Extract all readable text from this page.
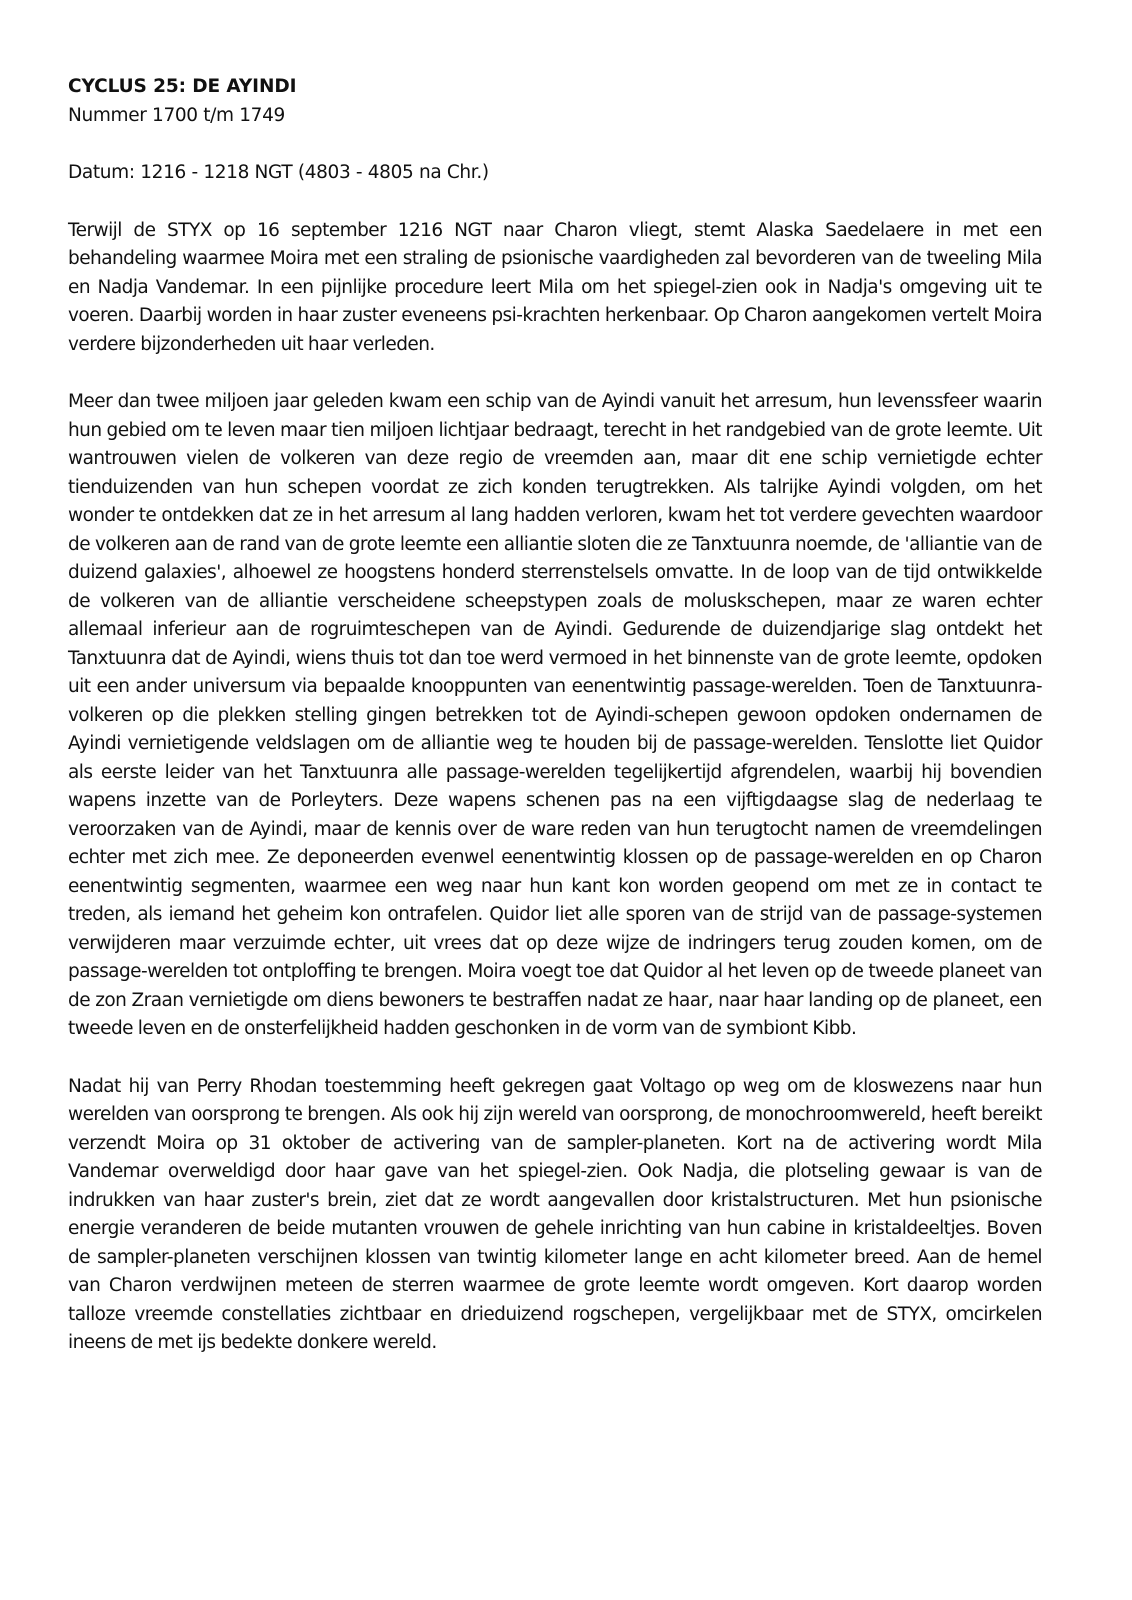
CYCLUS 25: DE AYINDI

Nummer 1700 t/m 1749

Datum: 1216 - 1218 NGT (4803 - 4805 na Chr.)

Terwijl de STYX op 16 september 1216 NGT naar Charon vliegt, stemt Alaska Saedelaere in met een behandeling waarmee Moira met een straling de psionische vaardigheden zal bevorderen van de tweeling Mila en Nadja Vandemar. In een pijnlijke procedure leert Mila om het spiegel-zien ook in Nadja's omgeving uit te voeren. Daarbij worden in haar zuster eveneens psi-krachten herkenbaar. Op Charon aangekomen vertelt Moira verdere bijzonderheden uit haar verleden.

Meer dan twee miljoen jaar geleden kwam een schip van de Ayindi vanuit het arresum, hun levenssfeer waarin hun gebied om te leven maar tien miljoen lichtjaar bedraagt, terecht in het randgebied van de grote leemte. Uit wantrouwen vielen de volkeren van deze regio de vreemden aan, maar dit ene schip vernietigde echter tienduizenden van hun schepen voordat ze zich konden terugtrekken. Als talrijke Ayindi volgden, om het wonder te ontdekken dat ze in het arresum al lang hadden verloren, kwam het tot verdere gevechten waardoor de volkeren aan de rand van de grote leemte een alliantie sloten die ze Tanxtuunra noemde, de 'alliantie van de duizend galaxies', alhoewel ze hoogstens honderd sterrenstelsels omvatte. In de loop van de tijd ontwikkelde de volkeren van de alliantie verscheidene scheepstypen zoals de moluskschepen, maar ze waren echter allemaal inferieur aan de rogruimteschepen van de Ayindi. Gedurende de duizendjarige slag ontdekt het Tanxtuunra dat de Ayindi, wiens thuis tot dan toe werd vermoed in het binnenste van de grote leemte, opdoken uit een ander universum via bepaalde knooppunten van eenentwintig passage-werelden. Toen de Tanxtuunra-volkeren op die plekken stelling gingen betrekken tot de Ayindi-schepen gewoon opdoken ondernamen de Ayindi vernietigende veldslagen om de alliantie weg te houden bij de passage-werelden. Tenslotte liet Quidor als eerste leider van het Tanxtuunra alle passage-werelden tegelijkertijd afgrendelen, waarbij hij bovendien wapens inzette van de Porleyters. Deze wapens schenen pas na een vijftigdaagse slag de nederlaag te veroorzaken van de Ayindi, maar de kennis over de ware reden van hun terugtocht namen de vreemdelingen echter met zich mee. Ze deponeerden evenwel eenentwintig klossen op de passage-werelden en op Charon eenentwintig segmenten, waarmee een weg naar hun kant kon worden geopend om met ze in contact te treden, als iemand het geheim kon ontrafelen. Quidor liet alle sporen van de strijd van de passage-systemen verwijderen maar verzuimde echter, uit vrees dat op deze wijze de indringers terug zouden komen, om de passage-werelden tot ontploffing te brengen. Moira voegt toe dat Quidor al het leven op de tweede planeet van de zon Zraan vernietigde om diens bewoners te bestraffen nadat ze haar, naar haar landing op de planeet, een tweede leven en de onsterfelijkheid hadden geschonken in de vorm van de symbiont Kibb.

Nadat hij van Perry Rhodan toestemming heeft gekregen gaat Voltago op weg om de kloswezens naar hun werelden van oorsprong te brengen. Als ook hij zijn wereld van oorsprong, de monochroomwereld, heeft bereikt verzendt Moira op 31 oktober de activering van de sampler-planeten. Kort na de activering wordt Mila Vandemar overweldigd door haar gave van het spiegel-zien. Ook Nadja, die plotseling gewaar is van de indrukken van haar zuster's brein, ziet dat ze wordt aangevallen door kristalstructuren. Met hun psionische energie veranderen de beide mutanten vrouwen de gehele inrichting van hun cabine in kristaldeeltjes. Boven de sampler-planeten verschijnen klossen van twintig kilometer lange en acht kilometer breed. Aan de hemel van Charon verdwijnen meteen de sterren waarmee de grote leemte wordt omgeven. Kort daarop worden talloze vreemde constellaties zichtbaar en drieduizend rogschepen, vergelijkbaar met de STYX, omcirkelen ineens de met ijs bedekte donkere wereld.
